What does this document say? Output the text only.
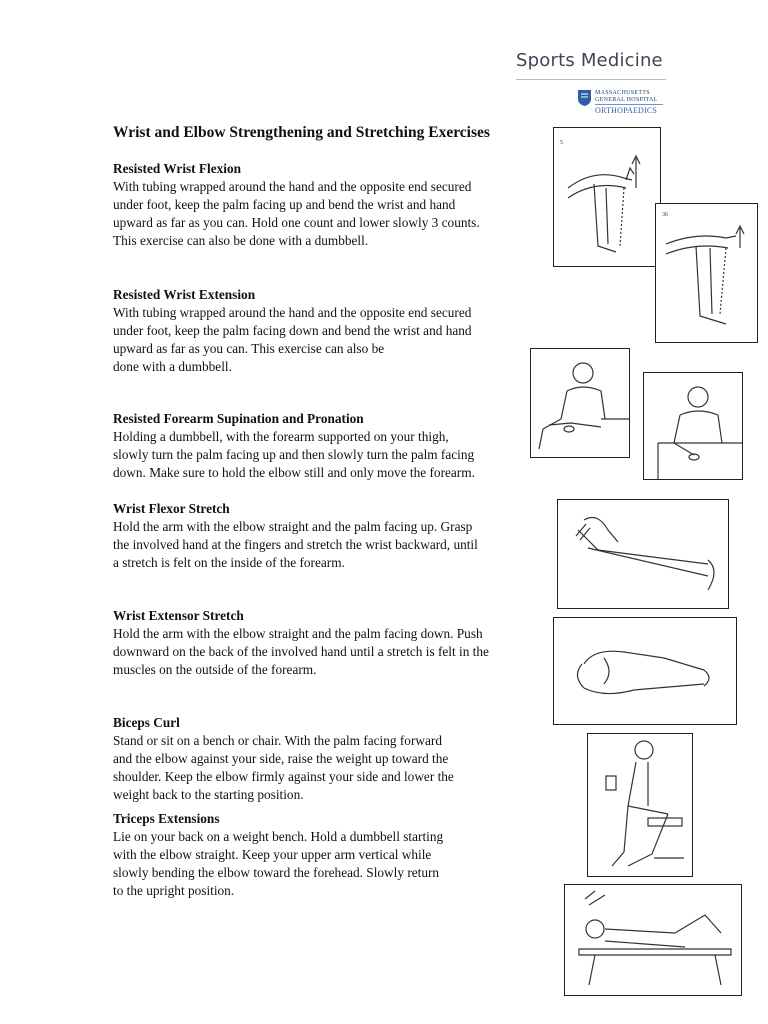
Sports Medicine
MASSACHUSETTS
GENERAL HOSPITAL
ORTHOPAEDICS
Wrist and Elbow Strengthening and Stretching Exercises
Resisted Wrist Flexion
With tubing wrapped around the hand and the opposite end secured
under foot, keep the palm facing up and bend the wrist and hand
upward as far as you can. Hold one count and lower slowly 3 counts.
This exercise can also be done with a dumbbell.
Resisted Wrist Extension
With tubing wrapped around the hand and the opposite end secured
under foot, keep the palm facing down and bend the wrist and hand
upward as far as you can. This exercise can also be
done with a dumbbell.
Resisted Forearm Supination and Pronation
Holding a dumbbell, with the forearm supported on your thigh,
slowly turn the palm facing up and then slowly turn the palm facing
down. Make sure to hold the elbow still and only move the forearm.
Wrist Flexor Stretch
Hold the arm with the elbow straight and the palm facing up. Grasp
the involved hand at the fingers and stretch the wrist backward, until
a stretch is felt on the inside of the forearm.
Wrist Extensor Stretch
Hold the arm with the elbow straight and the palm facing down. Push
downward on the back of the involved hand until a stretch is felt in the
muscles on the outside of the forearm.
Biceps Curl
Stand or sit on a bench or chair. With the palm facing forward
and the elbow against your side, raise the weight up toward the
shoulder. Keep the elbow firmly against your side and lower the
weight back to the starting position.
Triceps Extensions
Lie on your back on a weight bench. Hold a dumbbell starting
with the elbow straight. Keep your upper arm vertical while
slowly bending the elbow toward the forehead. Slowly return
to the upright position.
5
36
